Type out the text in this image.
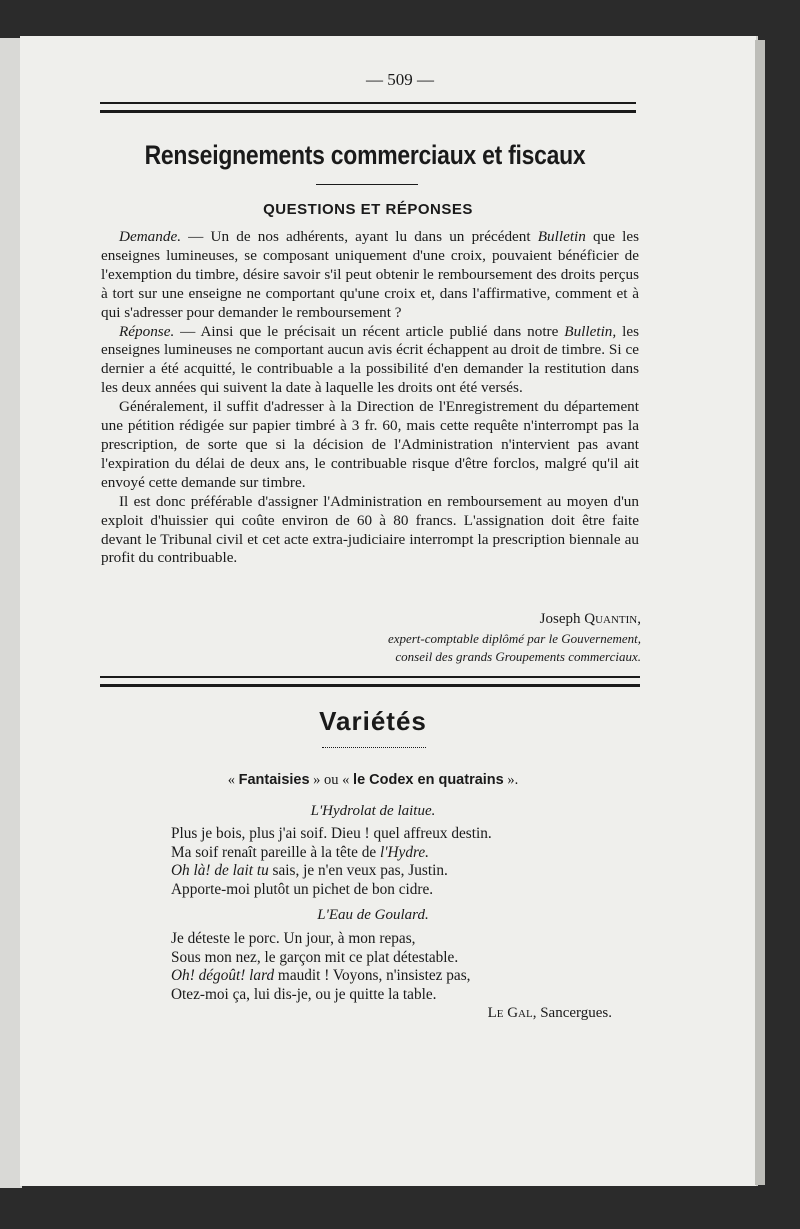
— 509 —
Renseignements commerciaux et fiscaux
QUESTIONS ET RÉPONSES

Demande. — Un de nos adhérents, ayant lu dans un précédent Bulletin que les enseignes lumineuses, se composant uniquement d'une croix, pouvaient bénéficier de l'exemption du timbre, désire savoir s'il peut obtenir le remboursement des droits perçus à tort sur une enseigne ne comportant qu'une croix et, dans l'affirmative, comment et à qui s'adresser pour demander le remboursement ?

Réponse. — Ainsi que le précisait un récent article publié dans notre Bulletin, les enseignes lumineuses ne comportant aucun avis écrit échappent au droit de timbre. Si ce dernier a été acquitté, le contribuable a la possibilité d'en demander la restitution dans les deux années qui suivent la date à laquelle les droits ont été versés.

Généralement, il suffit d'adresser à la Direction de l'Enregistrement du département une pétition rédigée sur papier timbré à 3 fr. 60, mais cette requête n'interrompt pas la prescription, de sorte que si la décision de l'Administration n'intervient pas avant l'expiration du délai de deux ans, le contribuable risque d'être forclos, malgré qu'il ait envoyé cette demande sur timbre.

Il est donc préférable d'assigner l'Administration en remboursement au moyen d'un exploit d'huissier qui coûte environ de 60 à 80 francs. L'assignation doit être faite devant le Tribunal civil et cet acte extra-judiciaire interrompt la prescription biennale au profit du contribuable.

Joseph Quantin,
expert-comptable diplômé par le Gouvernement,
conseil des grands Groupements commerciaux.
Variétés
« Fantaisies » ou « le Codex en quatrains ».
L'Hydrolat de laitue.
Plus je bois, plus j'ai soif. Dieu ! quel affreux destin.
Ma soif renaît pareille à la tête de l'Hydre.
Oh là! de lait tu sais, je n'en veux pas, Justin.
Apporte-moi plutôt un pichet de bon cidre.
L'Eau de Goulard.
Je déteste le porc. Un jour, à mon repas,
Sous mon nez, le garçon mit ce plat détestable.
Oh! dégoût! lard maudit ! Voyons, n'insistez pas,
Otez-moi ça, lui dis-je, ou je quitte la table.
Le Gal, Sancergues.
